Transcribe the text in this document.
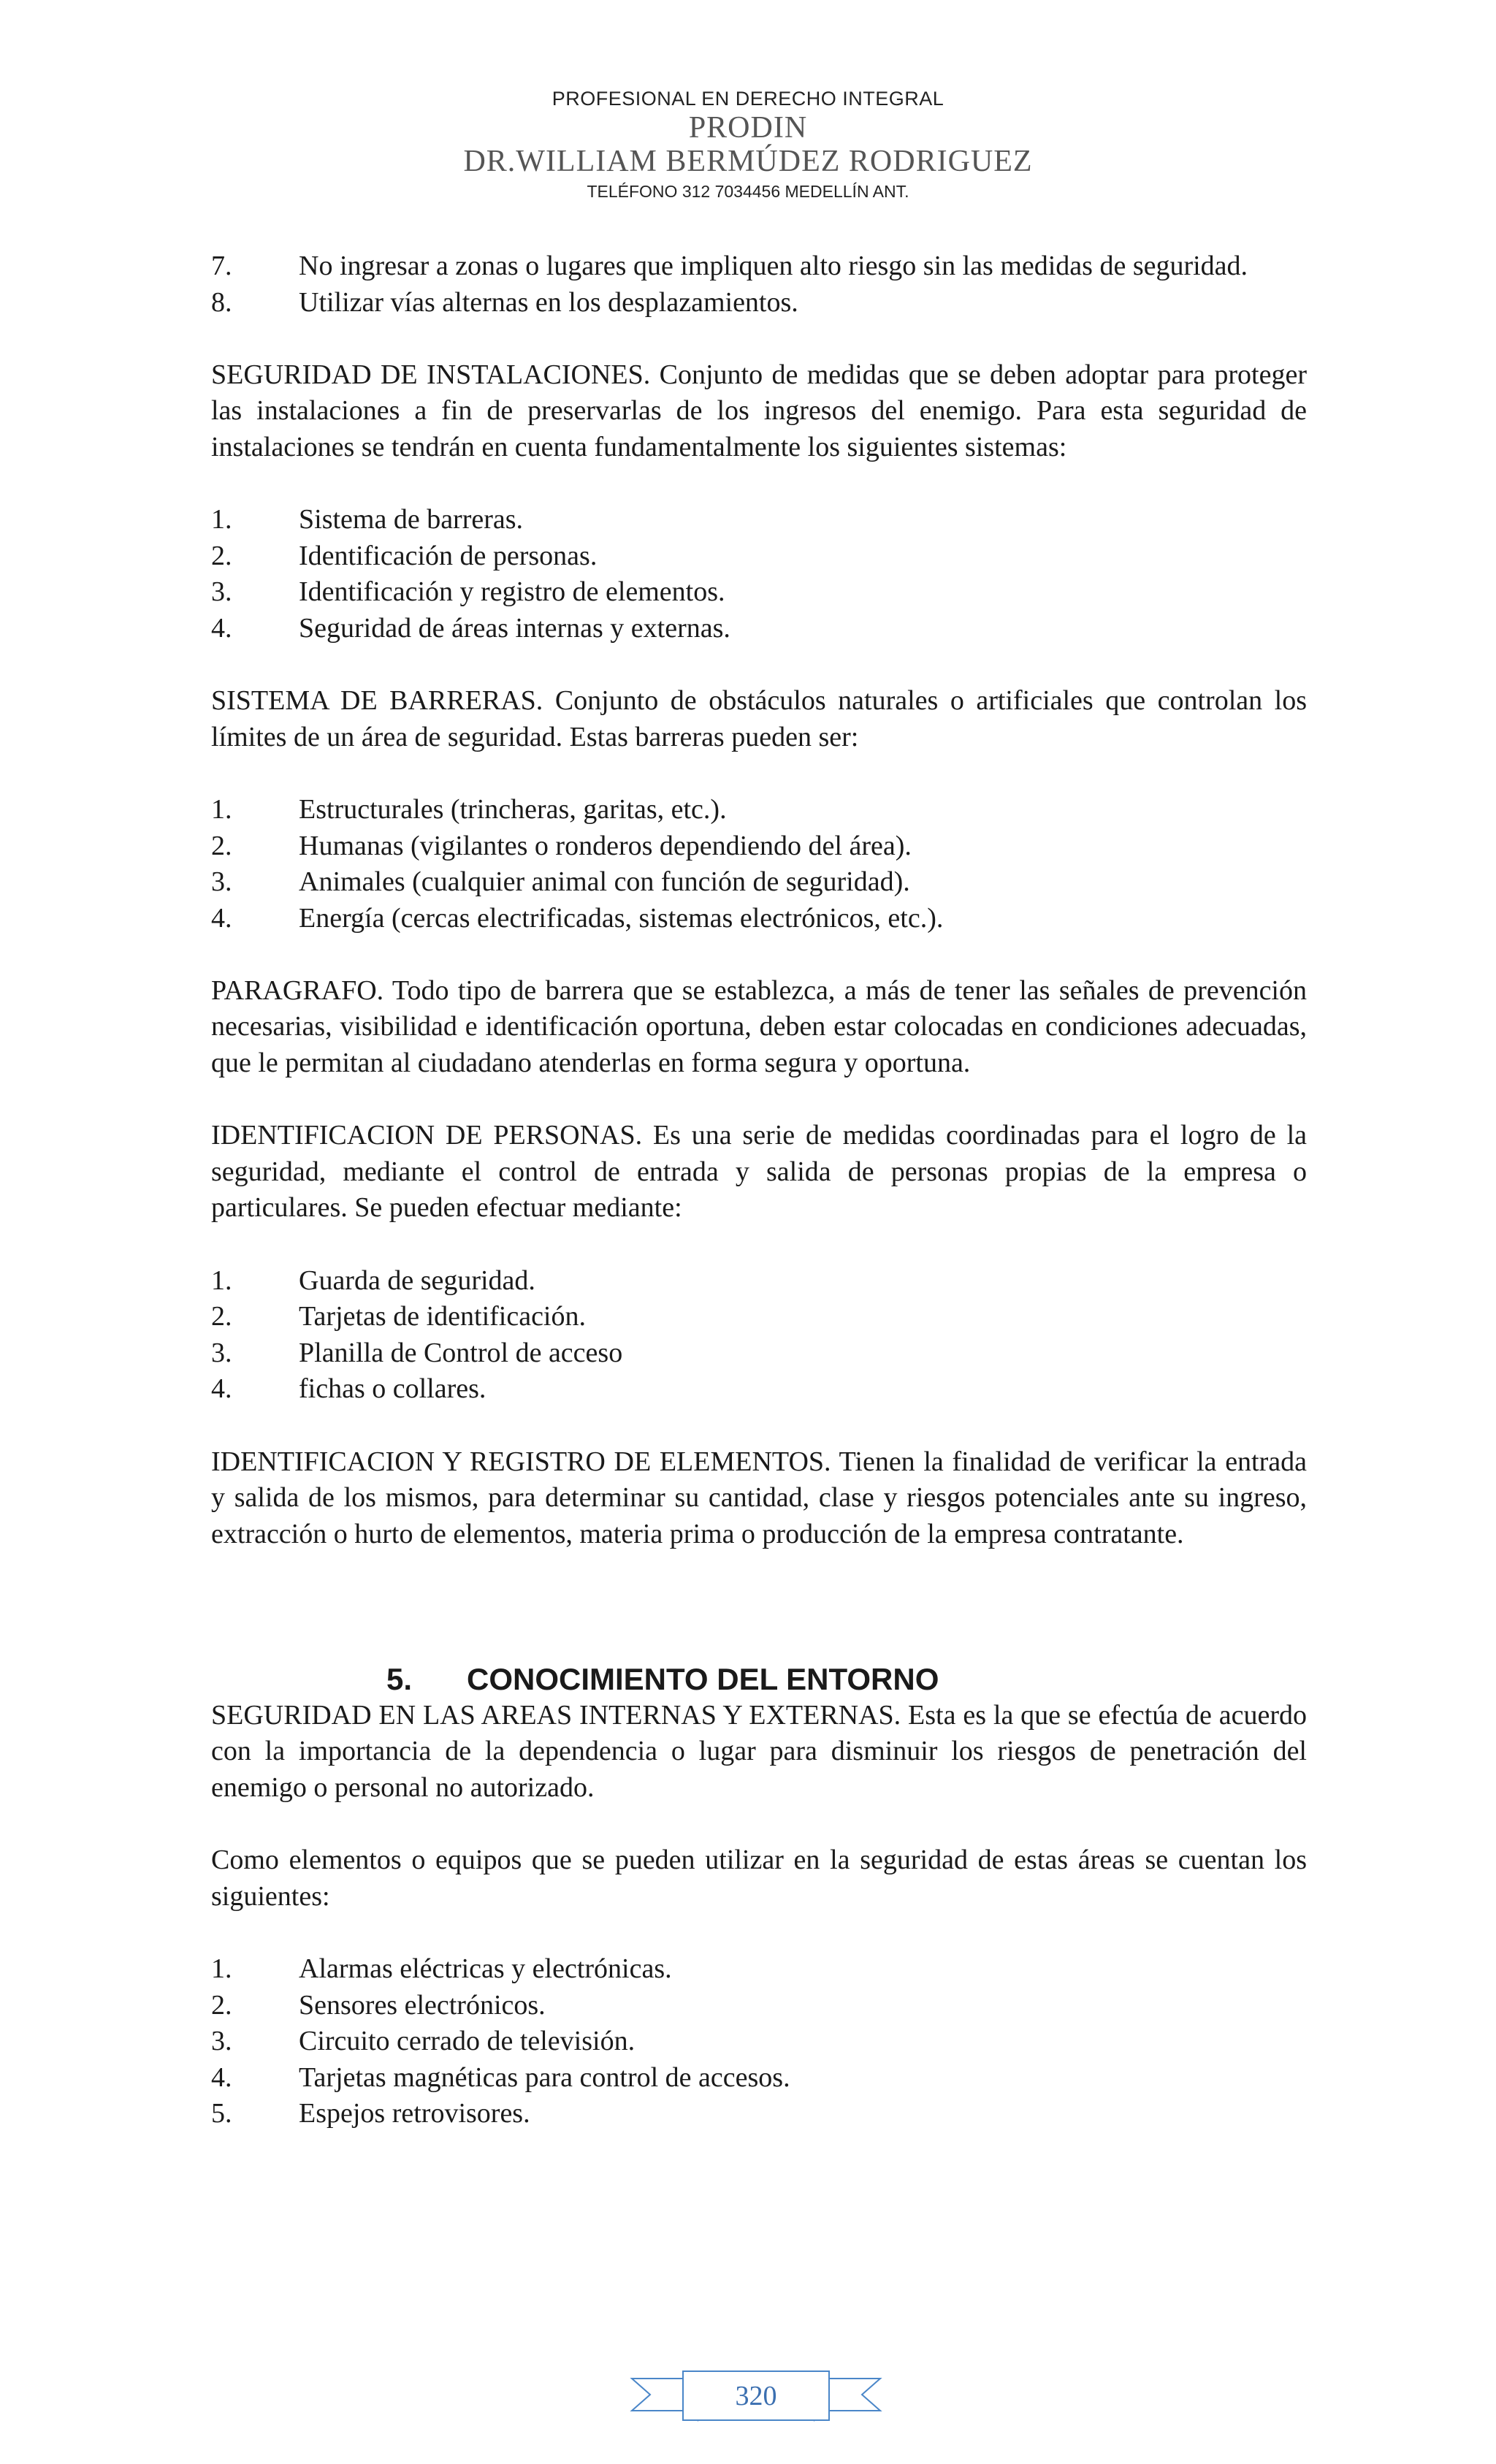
PROFESIONAL EN DERECHO INTEGRAL
PRODIN
DR.WILLIAM BERMÚDEZ RODRIGUEZ
TELÉFONO 312 7034456 MEDELLÍN ANT.
7. No ingresar a zonas o lugares que impliquen alto riesgo sin las medidas de seguridad.
8.	Utilizar vías alternas en los desplazamientos.

SEGURIDAD DE INSTALACIONES. Conjunto de medidas que se deben adoptar para proteger las instalaciones a fin de preservarlas de los ingresos del enemigo. Para esta seguridad de instalaciones se tendrán en cuenta fundamentalmente los siguientes sistemas:

1.	Sistema de barreras.
2.	Identificación de personas.
3.	Identificación y registro de elementos.
4.	Seguridad de áreas internas y externas.

SISTEMA DE BARRERAS. Conjunto de obstáculos naturales o artificiales que controlan los límites de un área de seguridad. Estas barreras pueden ser:

1.	Estructurales (trincheras, garitas, etc.).
2.	Humanas (vigilantes o ronderos dependiendo del área).
3.	Animales (cualquier animal con función de seguridad).
4.	Energía (cercas electrificadas, sistemas electrónicos, etc.).

PARAGRAFO. Todo tipo de barrera que se establezca, a más de tener las señales de prevención necesarias, visibilidad e identificación oportuna, deben estar colocadas en condiciones adecuadas, que le permitan al ciudadano atenderlas en forma segura y oportuna.

IDENTIFICACION DE PERSONAS. Es una serie de medidas coordinadas para el logro de la seguridad, mediante el control de entrada y salida de personas propias de la empresa o particulares. Se pueden efectuar mediante:

1.	Guarda de seguridad.
2.	Tarjetas de identificación.
3.	Planilla de Control de acceso
4.	fichas o collares.

IDENTIFICACION Y REGISTRO DE ELEMENTOS. Tienen la finalidad de verificar la entrada y salida de los mismos, para determinar su cantidad, clase y riesgos potenciales ante su ingreso, extracción o hurto de elementos, materia prima o producción de la empresa contratante.

5.	CONOCIMIENTO DEL ENTORNO

SEGURIDAD EN LAS AREAS INTERNAS Y EXTERNAS. Esta es la que se efectúa de acuerdo con la importancia de la dependencia o lugar para disminuir los riesgos de penetración del enemigo o personal no autorizado.

Como elementos o equipos que se pueden utilizar en la seguridad de estas áreas se cuentan los siguientes:

1.	Alarmas eléctricas y electrónicas.
2.	Sensores electrónicos.
3.	Circuito cerrado de televisión.
4.	Tarjetas magnéticas para control de accesos.
5.	Espejos retrovisores.
320
